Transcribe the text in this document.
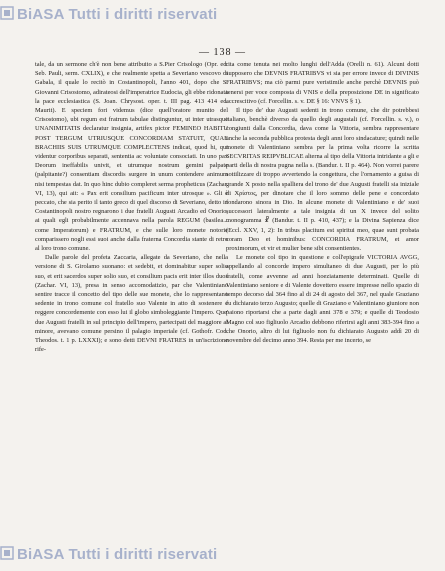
BiASA Tutti i diritti riservati
— 138 —

tale, da un sermone ch'è non bene attribuito a S.Pier Crisologo (Opr. ed. Seb. Pauli, serm. CXLIX), e che realmente spetta a Severiano vescovo di Gabala, il quale lo recitò in Costantinopoli, l'anno 401, dopo che S. Giovanni Crisostomo, adirateosi dell'imperatrice Eudocia, gli ebbe ridonata la pace ecclesiastica (S. Joan. Chrysost. oper. t. III pag. 413 414 ed. Maurit). E speciem fori videmus (dice quell'oratore munito del Crisostomo), ubi regum est fratrum tabulae distinguntur, ut inter utrasque UNANIMITATIS declaratur insignia, artifex pictor FEMINEO HABITU POST TERGUM UTRIUSQUE CONCORDIAM STATUIT, QUAE BRACHIIS SUIS UTRUMQUE COMPLECTENS indicat, quod hi, qui videntur corporibus separati, sententia ac voluntate consociati. In uno pax Deorum ineffabilis univit, et utrumque nostrum gemini palpate (palpitante?) consentiam discordis surgere in unum contendere animum nisi tempestas dat. In quo hinc dubio compleret serma propheticus (Zachar. VI, 13), qui ait: « Pax erit consilium pacificum inter utrosque ». Gli è peccato, che sia perito il tanto greco di quel discorso di Severiano, detto in Costantinopoli nostro regnarono i due fratelli Augusti Arcadio ed Onorio, ai quali egli probabilmente accennava nella parola REGUM (basilea... come Imperatorum) e FRATRUM, e che sulle loro monete notorie comparissero nogli essi suoi anche dalla fraterna Concordia stante di retro al loro trono comune.

Dalle parole del profeta Zaccaria, allegate da Severiano, che nella versione di S. Girolamo suonano: et sedebit, et dominabitur super solio suo, et erit sacerdos super solio suo, et consilium pacis erit inter illos duos (Zachar. VI, 13), presa in senso accomodatizio, par che Valentiniano sentire tracce il concetto del tipo delle sue monete, che lo rappresentano sedente in trono comune col fratello suo Valente in atto di sostenere e reggere concordemente con esso lui il globo simboleggiante l'impero. Que' due Augusti fratelli in sul principio dell'impero, partecipati del maggiore al minore, avevano comune persino il palagio imperiale (cf. Gothofr. Cod. Theodos. t. 1 p. LXXXI); e sono detti DEVNI FRATRES in un'iscrizione rife-

rita come tenuta nei molto lunghi dell'Adda (Orelli n. 61). Alcuni dotti supposero che DEVNIS FRATRIBVS vi sia per errore invece di DIVINIS FRATRIBVS; ma ciò parmi pure veristimile anche perchè DEVNIS può tenersi per voce composta di VNIS e della preposizione DE in significato accrescitivo (cf. Forcellin. s. v. DE § 16: VNVS § 1).

Il tipo de' due Augusti sedenti in trono comune, che dir potrebbesi italiano, benchè diverso da quello degli augustali (cf. Forcellin. s. v.), o congiunti dalla Concordia, dava come la Vittoria, sembra rappresentare anche la seconda pubblica protesta degli anni loro sindacature; quindi nelle monete di Valentiniano sembra per la prima volta ricorre la scritta SECVRITAS REIPVBLICAE alterna al tipo della Vittoria intridante a gli e parti della di nostra pugna nella s. (Bandur. t. II p. 464). Non vorrei parere sottilizzare di troppo avvertendo la congettura, che l'ornamento a guisa di grande X posto nella spalliera del trono de' due Augusti fratelli sia iniziale di Xρίστος, per dinotare che il loro sommo delle pene e concordato fondarono sinora in Dio. In alcune monete di Valentiniano e de' suoi successori lateralmente a tale insignia di un X invece del solito monogramma ☧ (Bandur. t. II p. 410, 437); e la Divina Sapienza dice (Eccl. XXV, 1, 2): In tribus placitum est spiritui meo, quae sunt probata coram Deo et hominibus: CONCORDIA FRATRUM, et amor proximorum, et vir et mulier bene sibi consentientes.

Le monete col tipo in questione e coll'epigrafe VICTORIA AVGG, appellando al concorde impero simultaneo di due Augusti, per lo più fratelli, come avvenne ad anni hoeziatamente determinati. Quelle di Valentiniano seniore e di Valente dovettero essere impresse nello spazio di tempo decorso dal 364 fino al di 24 di agosto del 367, nel quale Graziano fu dichiarato terzo Augusto; quelle di Graziano e Valentiniano giuniore non paiono riportarsi che a parte dagli anni 378 e 379; e quelle di Teodosio Magno col suo figliuolo Arcadio debbono riferirsi agli anni 383-394 fino a che Onorio, altro di lui figliuolo non fu dichiarato Augusto addì 20 di novembre del decimo anno 394. Resta per me incerto, se

BiASA Tutti i diritti riservati
